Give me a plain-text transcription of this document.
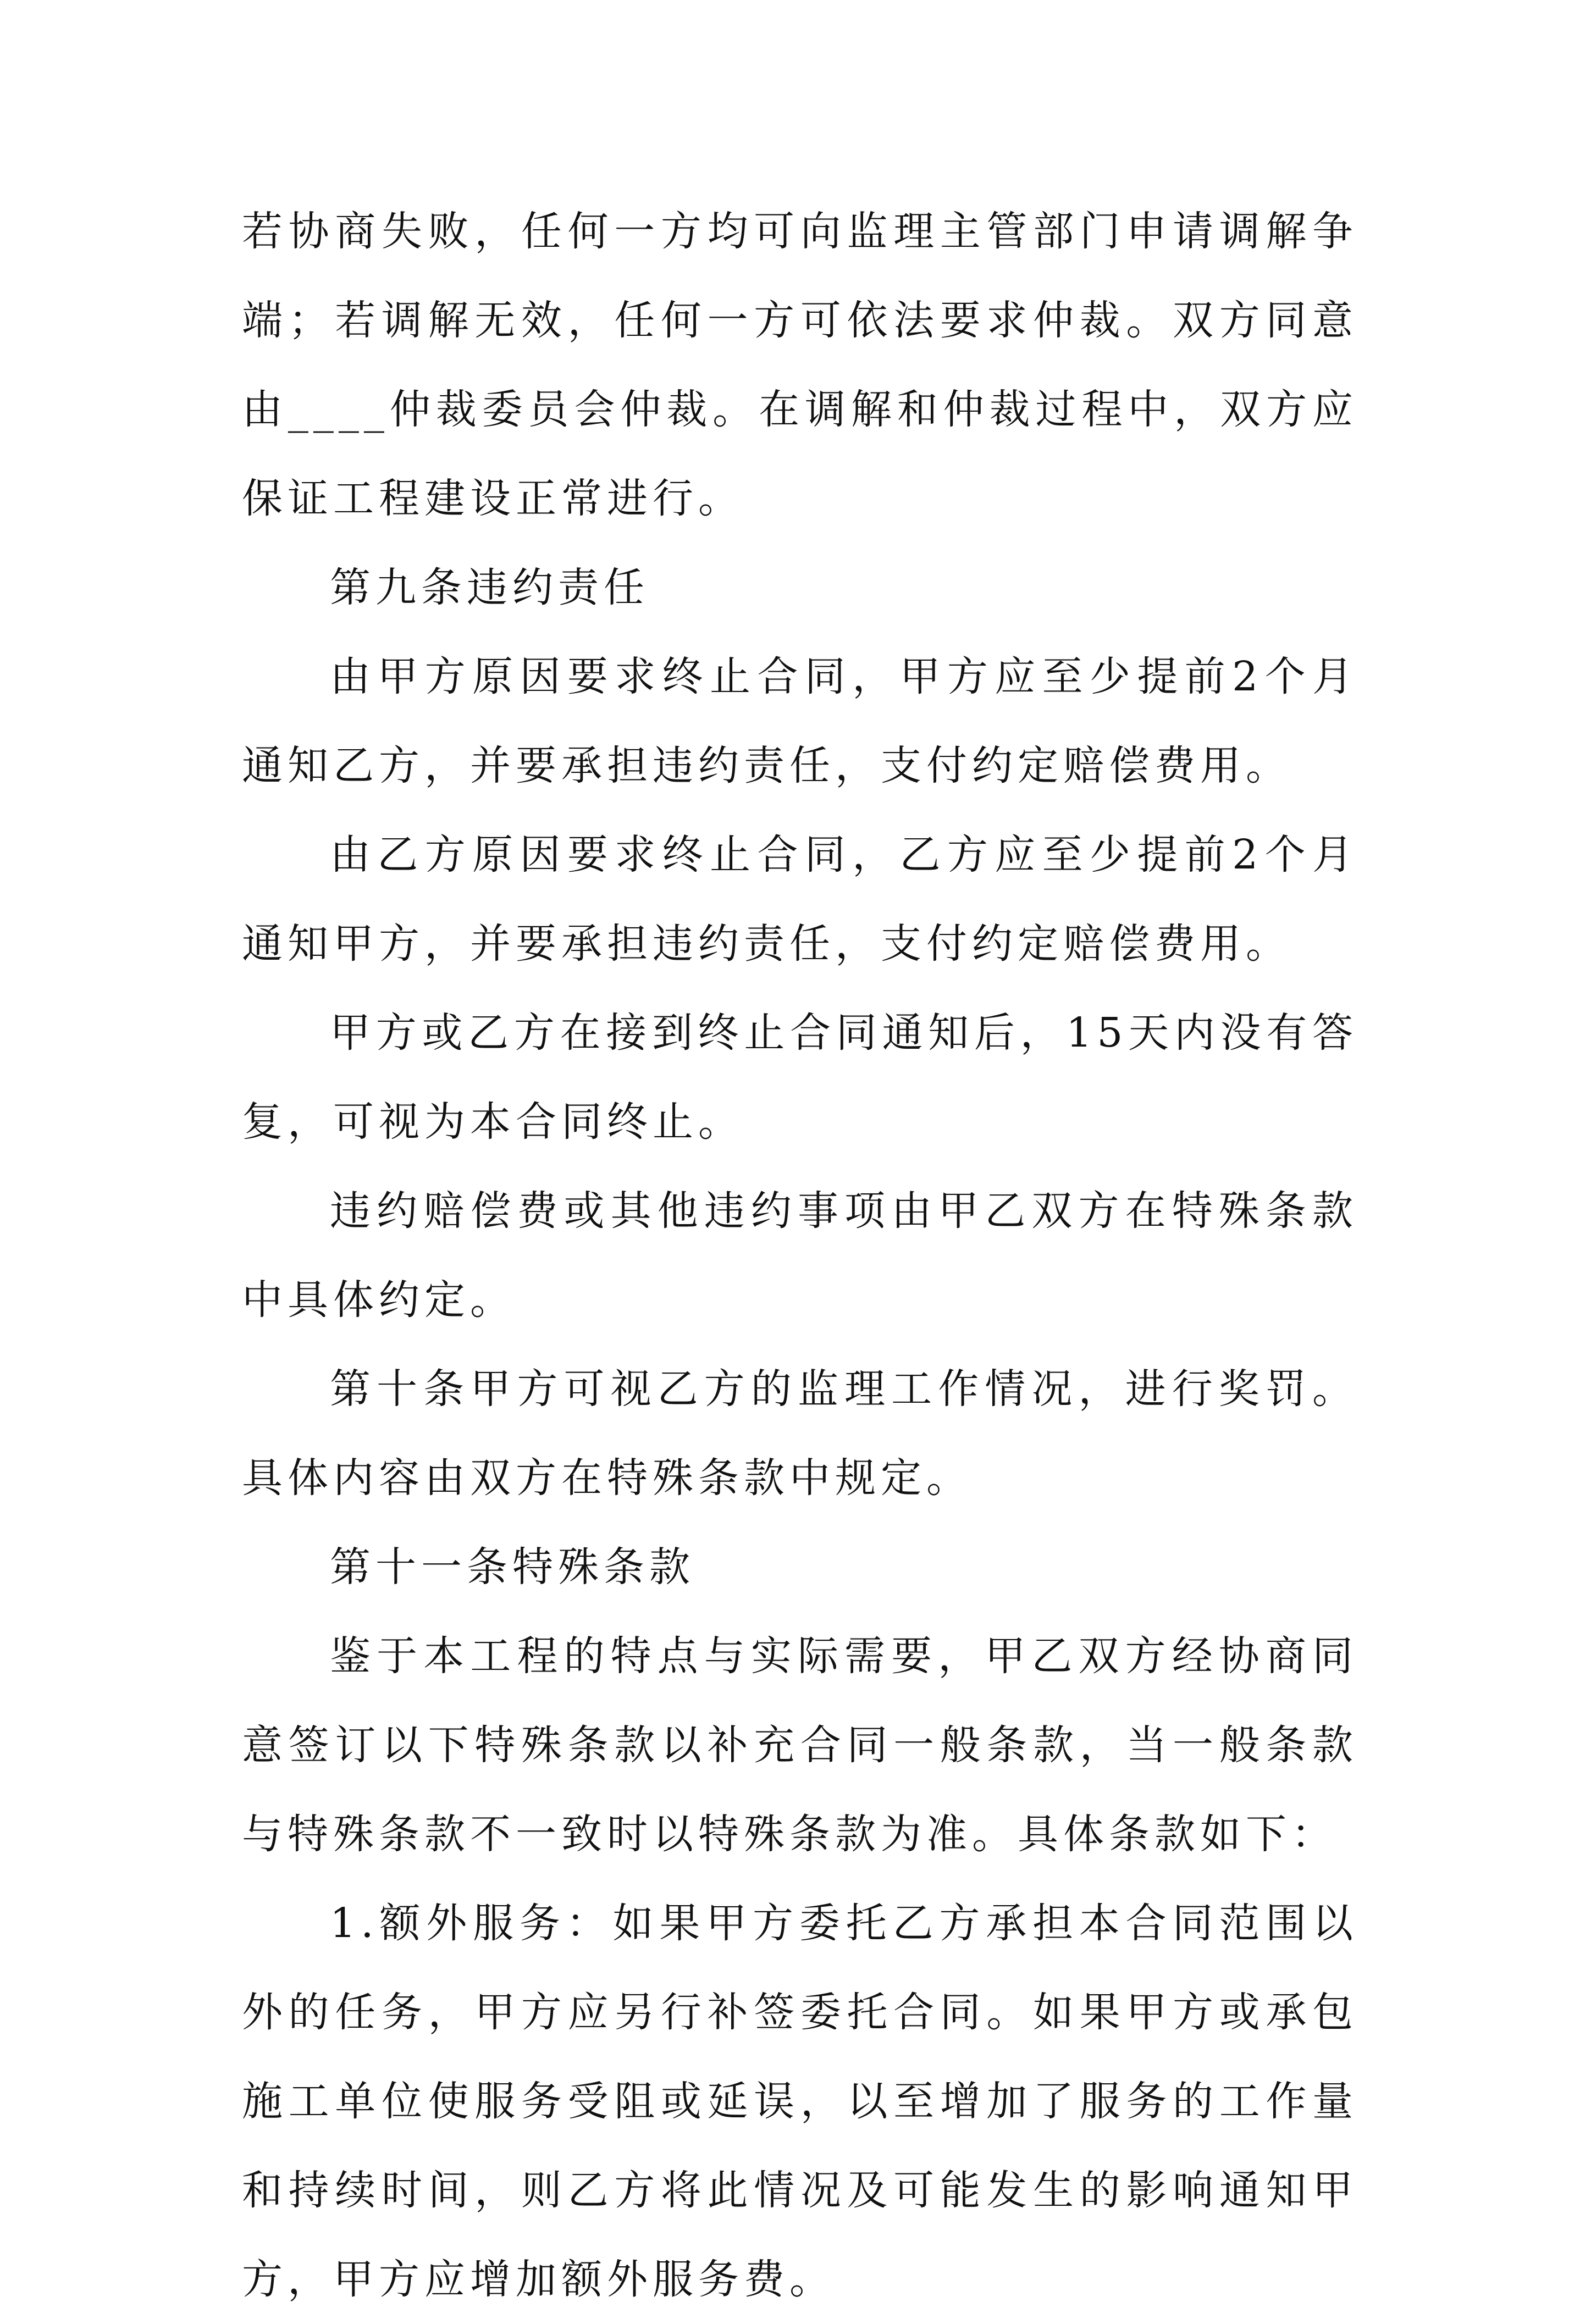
若协商失败，任何一方均可向监理主管部门申请调解争端；若调解无效，任何一方可依法要求仲裁。双方同意由____仲裁委员会仲裁。在调解和仲裁过程中，双方应保证工程建设正常进行。

第九条违约责任

由甲方原因要求终止合同，甲方应至少提前2个月通知乙方，并要承担违约责任，支付约定赔偿费用。

由乙方原因要求终止合同，乙方应至少提前2个月通知甲方，并要承担违约责任，支付约定赔偿费用。

甲方或乙方在接到终止合同通知后，15天内没有答复，可视为本合同终止。

违约赔偿费或其他违约事项由甲乙双方在特殊条款中具体约定。

第十条甲方可视乙方的监理工作情况，进行奖罚。具体内容由双方在特殊条款中规定。

第十一条特殊条款

鉴于本工程的特点与实际需要，甲乙双方经协商同意签订以下特殊条款以补充合同一般条款，当一般条款与特殊条款不一致时以特殊条款为准。具体条款如下：

1.额外服务：如果甲方委托乙方承担本合同范围以外的任务，甲方应另行补签委托合同。如果甲方或承包施工单位使服务受阻或延误，以至增加了服务的工作量和持续时间，则乙方将此情况及可能发生的影响通知甲方，甲方应增加额外服务费。
